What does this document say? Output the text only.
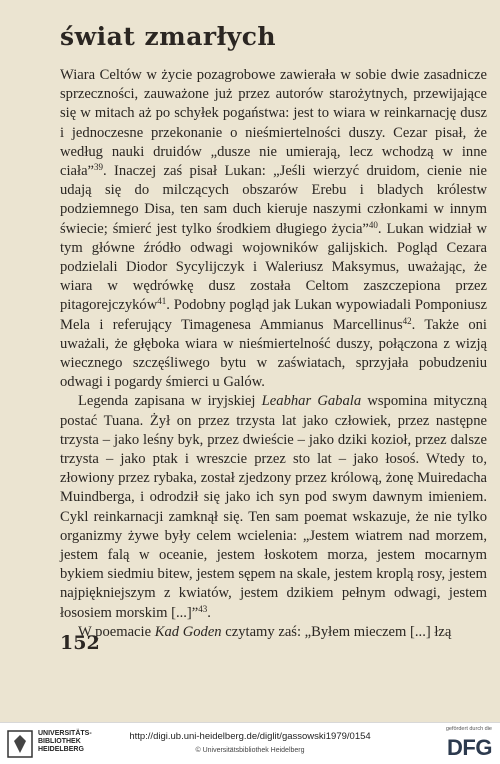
świat zmarłych

Wiara Celtów w życie pozagrobowe zawierała w sobie dwie zasadnicze sprzeczności, zauważone już przez autorów starożytnych, przewijające się w mitach aż po schyłek pogaństwa: jest to wiara w reinkarnację dusz i jednoczesne przekonanie o nieśmiertelności duszy. Cezar pisał, że według nauki druidów „dusze nie umierają, lecz wchodzą w inne ciała”$^{39}$. Inaczej zaś pisał Lukan: „Jeśli wierzyć druidom, cienie nie udają się do milczących obszarów Erebu i bladych królestw podziemnego Disa, ten sam duch kieruje naszymi członkami w innym świecie; śmierć jest tylko środkiem długiego życia”$^{40}$. Lukan widział w tym główne źródło odwagi wojowników galijskich. Pogląd Cezara podzielali Diodor Sycylijczyk i Waleriusz Maksymus, uważając, że wiara w wędrówkę dusz została Celtom zaszczepiona przez pitagorejczyków$^{41}$. Podobny pogląd jak Lukan wypowiadali Pomponiusz Mela i referujący Timagenesa Ammianus Marcellinus$^{42}$. Także oni uważali, że głęboka wiara w nieśmiertelność duszy, połączona z wizją wiecznego szczęśliwego bytu w zaświatach, sprzyjała pobudzeniu odwagi i pogardy śmierci u Galów.

Legenda zapisana w iryjskiej Leabhar Gabala wspomina mityczną postać Tuana. Żył on przez trzysta lat jako człowiek, przez następne trzysta – jako leśny byk, przez dwieście – jako dziki kozioł, przez dalsze trzysta – jako ptak i wreszcie przez sto lat – jako łosoś. Wtedy to, złowiony przez rybaka, został zjedzony przez królową, żonę Muiredacha Muindberga, i odrodził się jako ich syn pod swym dawnym imieniem. Cykl reinkarnacji zamknął się. Ten sam poemat wskazuje, że nie tylko organizmy żywe były celem wcielenia: „Jestem wiatrem nad morzem, jestem falą w oceanie, jestem łoskotem morza, jestem mocarnym bykiem siedmiu bitew, jestem sępem na skale, jestem kroplą rosy, jestem najpiękniejszym z kwiatów, jestem dzikiem pełnym odwagi, jestem łososiem morskim [...]”$^{43}$.

W poemacie Kad Goden czytamy zaś: „Byłem mieczem [...] łzą

152
UNIVERSITÄTS-
BIBLIOTHEK
HEIDELBERG
http://digi.ub.uni-heidelberg.de/diglit/gassowski1979/0154
© Universitätsbibliothek Heidelberg
gefördert durch die
DFG
